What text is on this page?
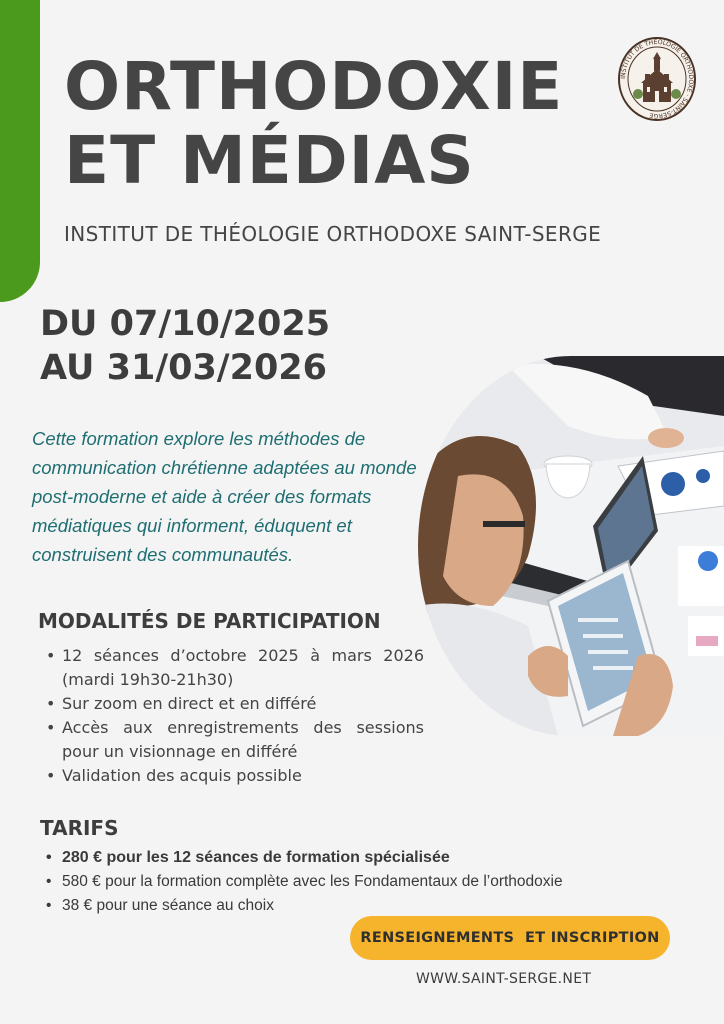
ORTHODOXIE
ET MÉDIAS
INSTITUT DE THÉOLOGIE ORTHODOXE · SAINT-SERGE
INSTITUT DE THÉOLOGIE ORTHODOXE SAINT-SERGE
DU 07/10/2025
AU 31/03/2026

Cette formation explore les méthodes de communication chrétienne adaptées au monde post-moderne et aide à créer des formats médiatiques qui informent, éduquent et construisent des communautés.

MODALITÉS DE PARTICIPATION
• 12 séances d’octobre 2025 à mars 2026 (mardi 19h30-21h30)
• Sur zoom en direct et en différé
• Accès aux enregistrements des sessions pour un visionnage en différé
• Validation des acquis possible
TARIFS
• 280 € pour les 12 séances de formation spécialisée
• 580 € pour la formation complète avec les Fondamentaux de l’orthodoxie
• 38 € pour une séance au choix
RENSEIGNEMENTS  ET INSCRIPTION
WWW.SAINT-SERGE.NET
